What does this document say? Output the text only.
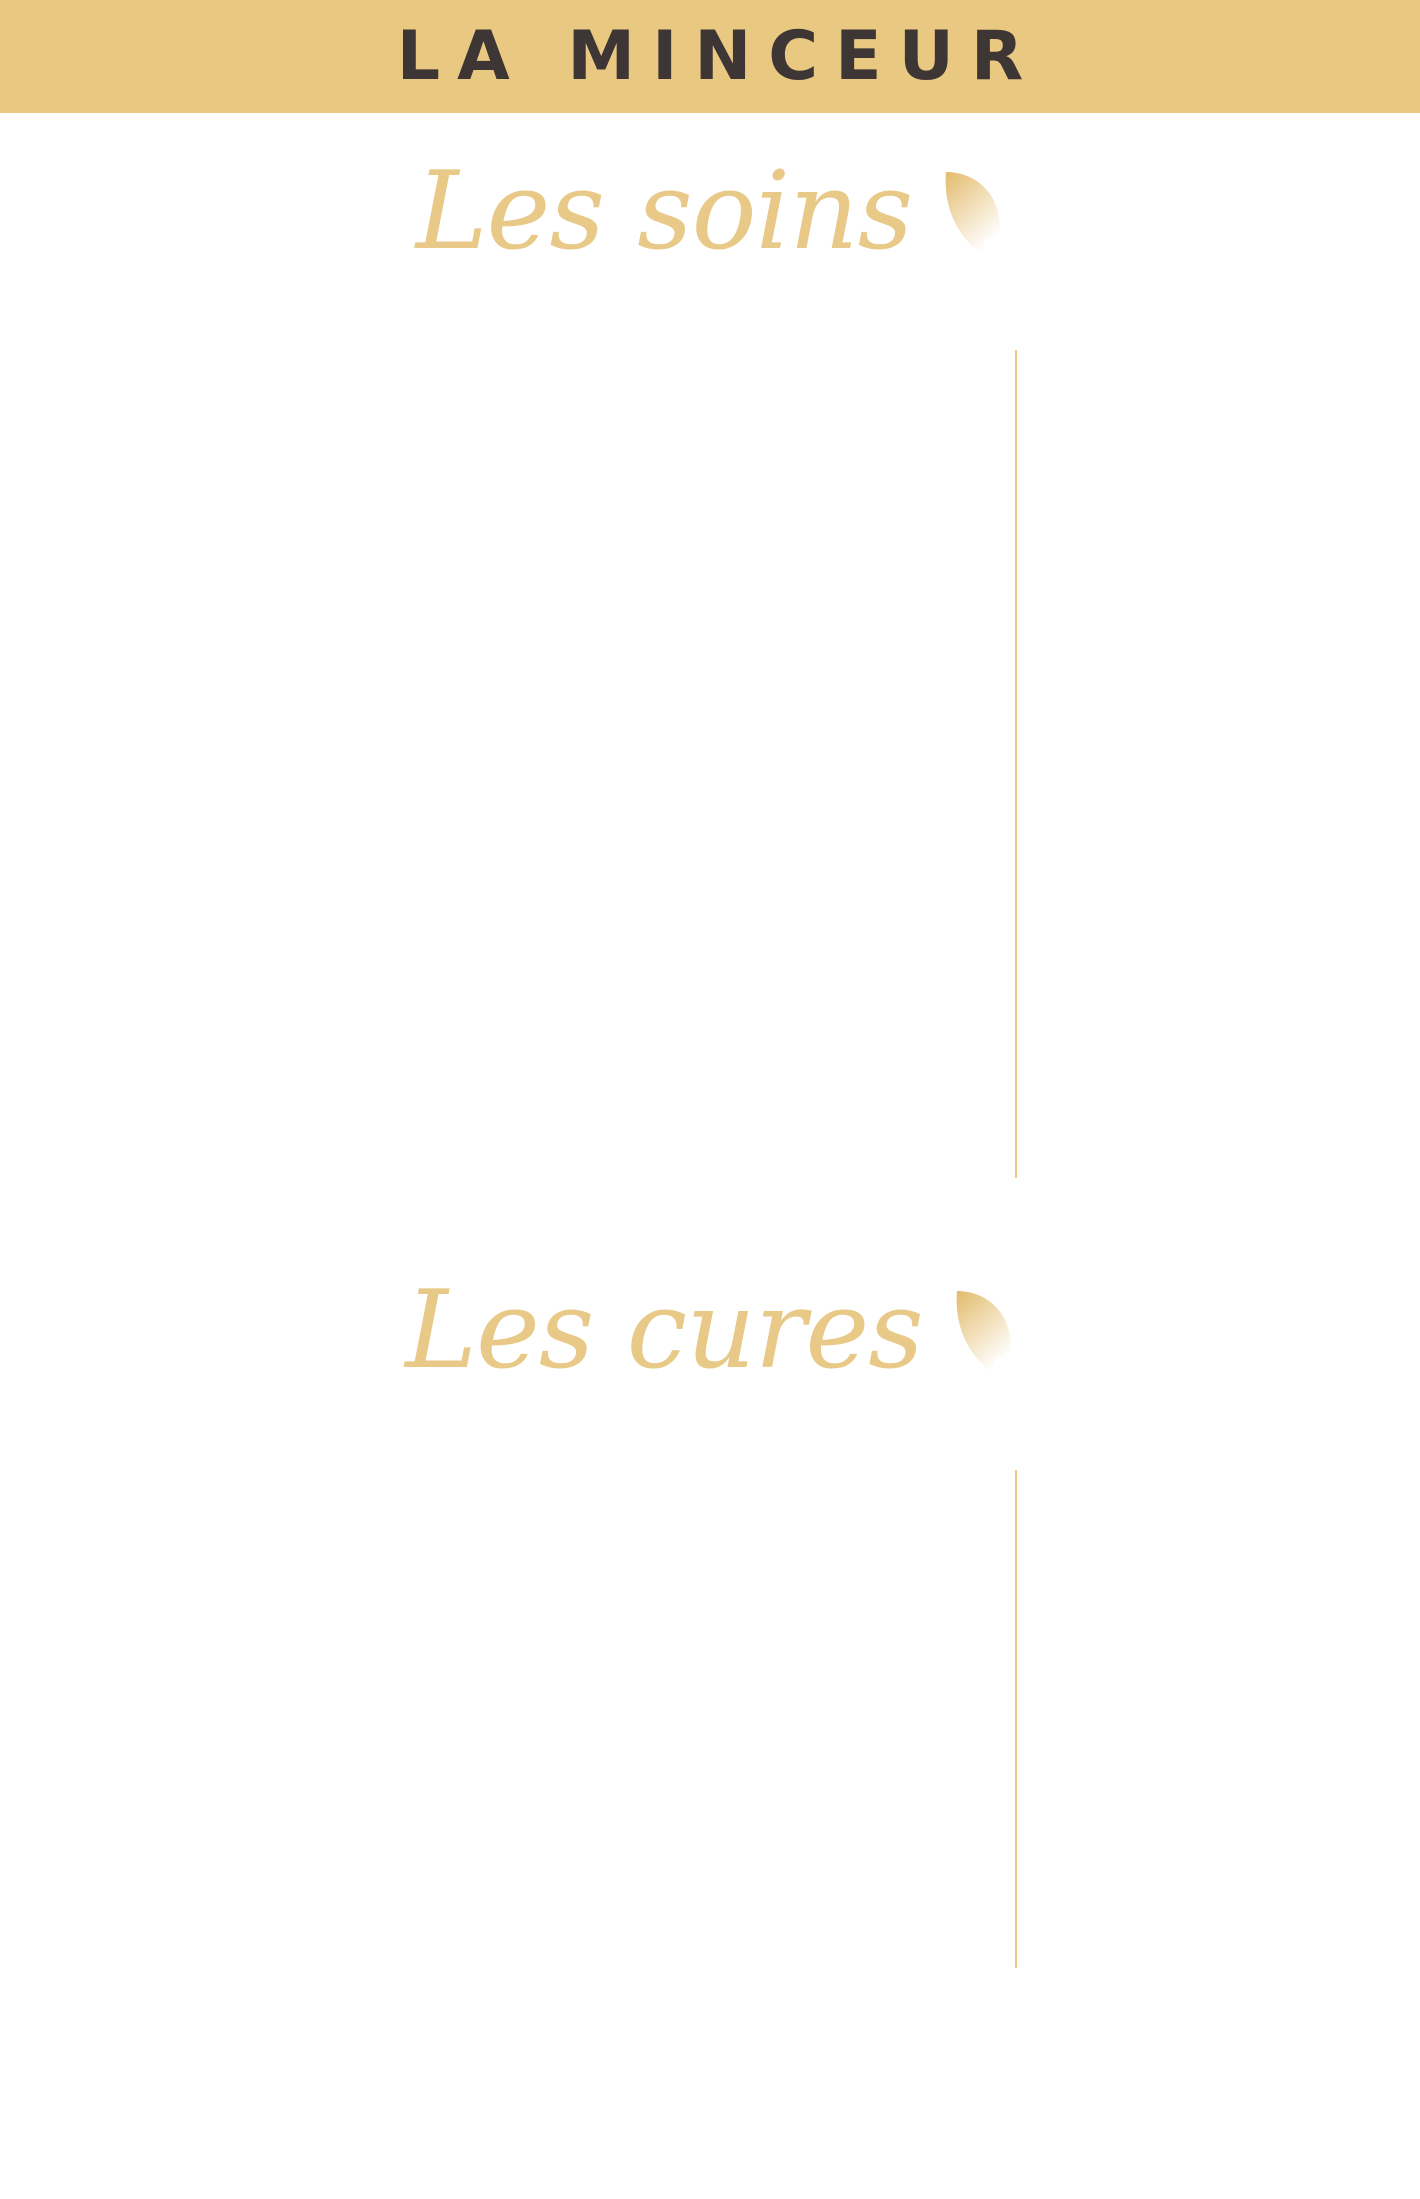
LA MINCEUR
Les soins
Les cures
